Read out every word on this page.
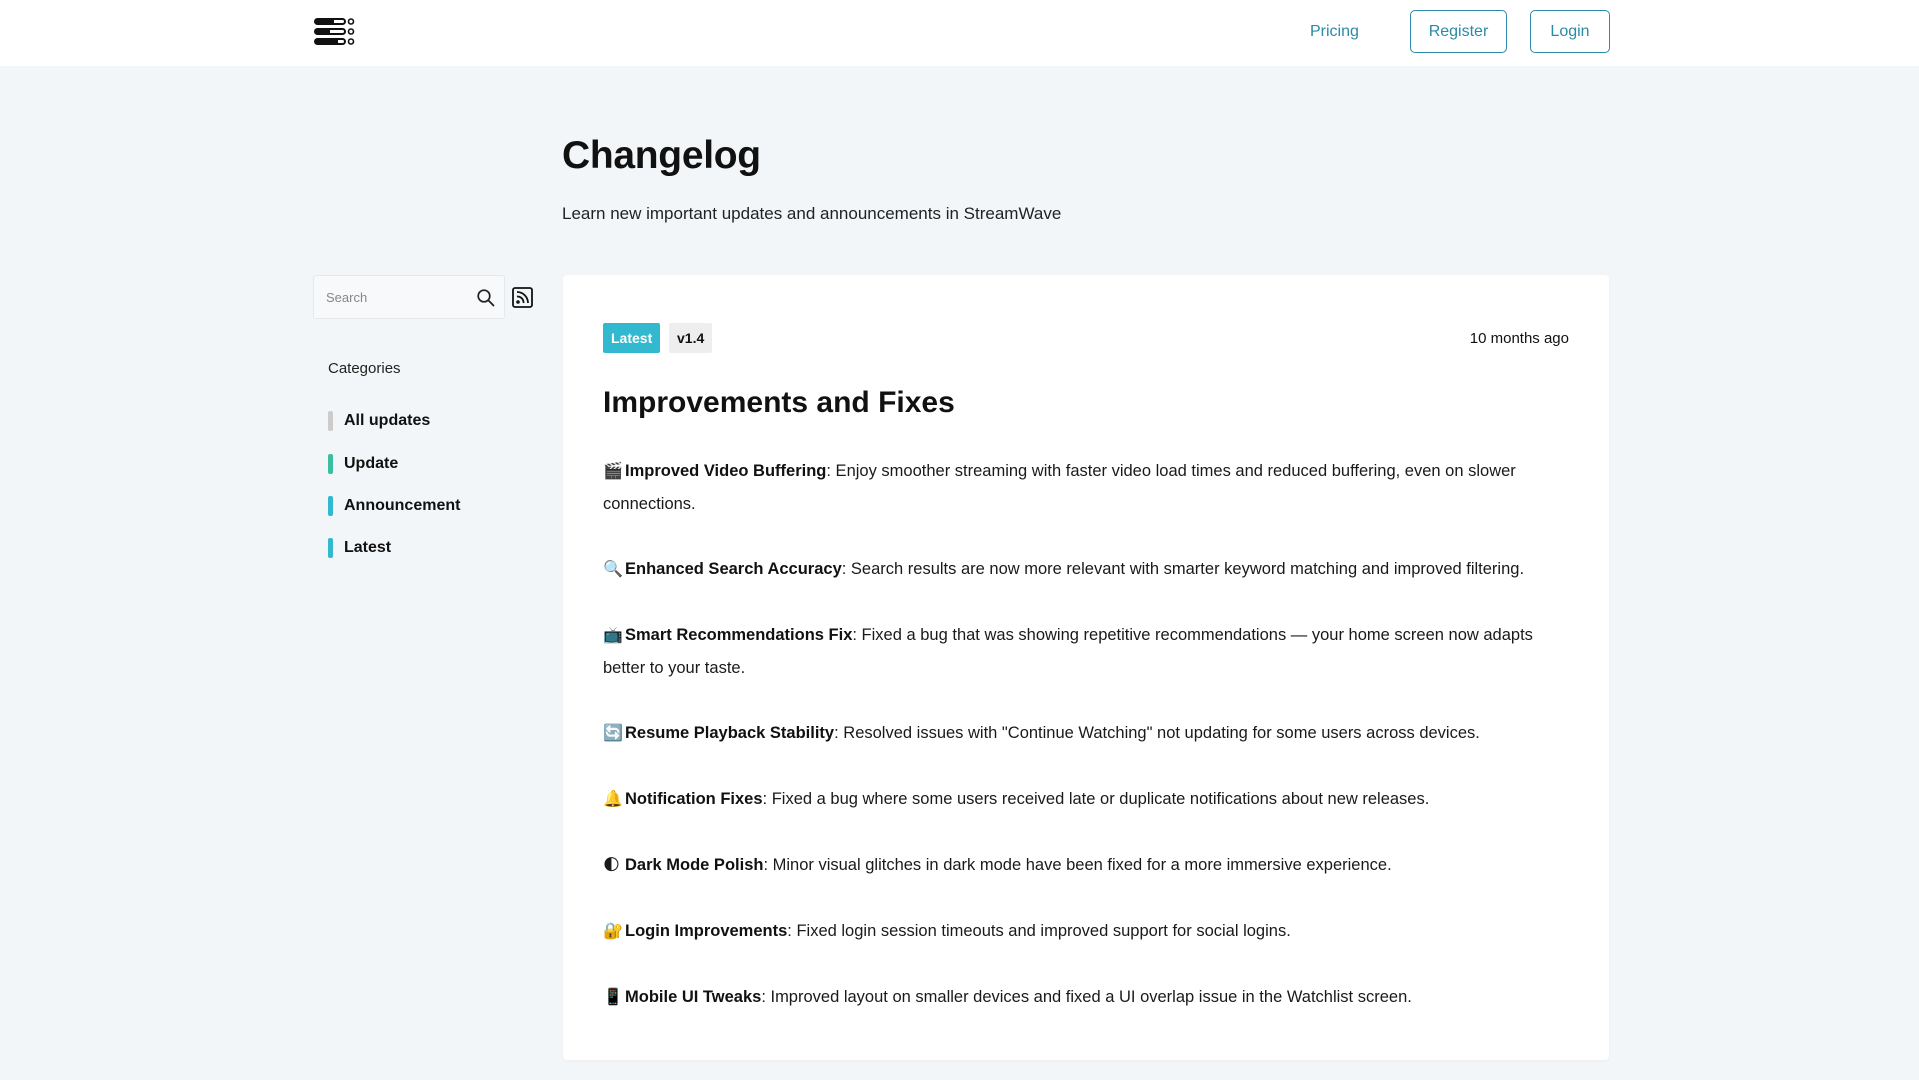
Pricing	Register	Login
Changelog

Learn new important updates and announcements in StreamWave

Search
Categories
All updates
Update
Announcement
Latest
Latest	v1.4	10 months ago
Improvements and Fixes

🎬 Improved Video Buffering: Enjoy smoother streaming with faster video load times and reduced buffering, even on slower connections.

🔍 Enhanced Search Accuracy: Search results are now more relevant with smarter keyword matching and improved filtering.

📺 Smart Recommendations Fix: Fixed a bug that was showing repetitive recommendations — your home screen now adapts better to your taste.

🔄 Resume Playback Stability: Resolved issues with "Continue Watching" not updating for some users across devices.

🔔 Notification Fixes: Fixed a bug where some users received late or duplicate notifications about new releases.

🌓 Dark Mode Polish: Minor visual glitches in dark mode have been fixed for a more immersive experience.

🔐 Login Improvements: Fixed login session timeouts and improved support for social logins.

📱 Mobile UI Tweaks: Improved layout on smaller devices and fixed a UI overlap issue in the Watchlist screen.
